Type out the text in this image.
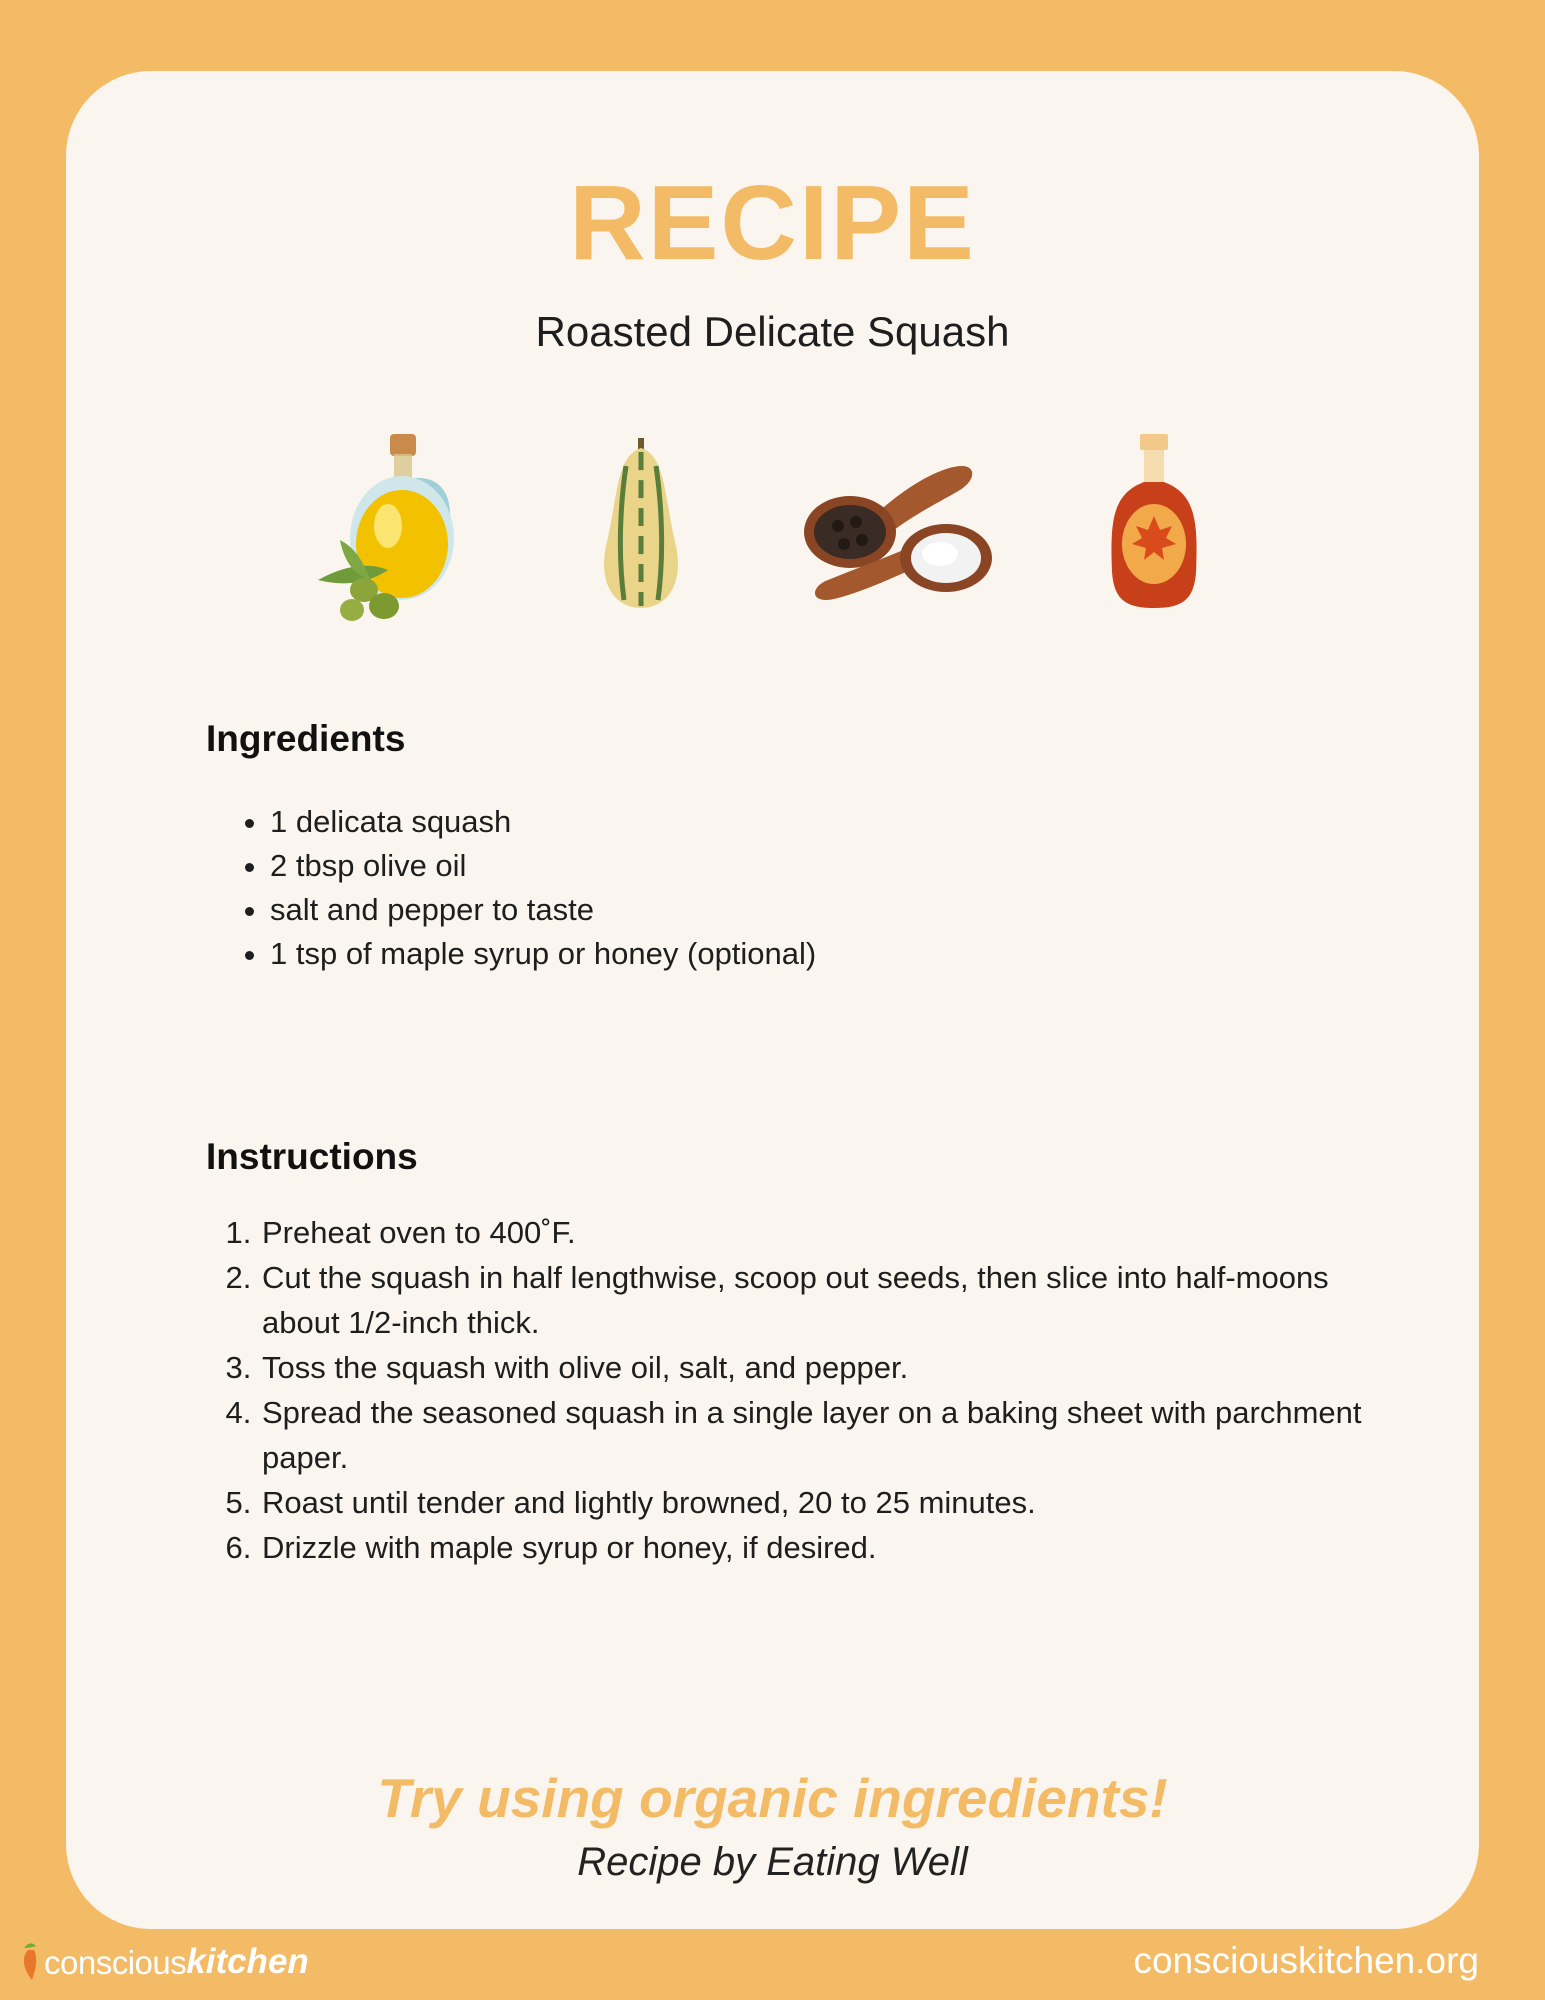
RECIPE

Roasted Delicate Squash

Ingredients
• 1 delicata squash
• 2 tbsp olive oil
• salt and pepper to taste
• 1 tsp of maple syrup or honey (optional)
Instructions
1. Preheat oven to 400˚F.
2. Cut the squash in half lengthwise, scoop out seeds, then slice into half-moons about 1/2-inch thick.
3. Toss the squash with olive oil, salt, and pepper.
4. Spread the seasoned squash in a single layer on a baking sheet with parchment paper.
5. Roast until tender and lightly browned, 20 to 25 minutes.
6. Drizzle with maple syrup or honey, if desired.

Try using organic ingredients!

Recipe by Eating Well

conscious kitchen	consciouskitchen.org
